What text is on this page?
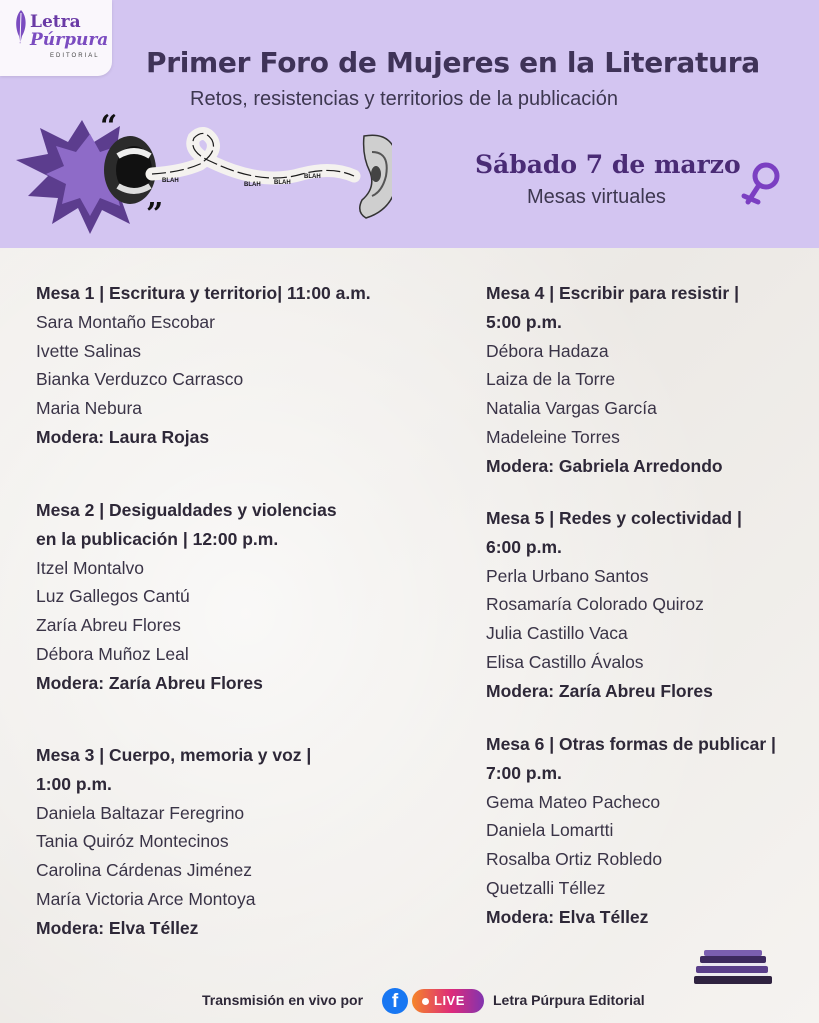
Letra
Púrpura
EDITORIAL Primer Foro de Mujeres en la Literatura
Retos, resistencias y territorios de la publicación
“
”
BLAH
BLAH BLAH
BLAH	Sábado 7 de marzo
Mesas virtuales
Mesa 1 | Escritura y territorio| 11:00 a.m.
Sara Montaño Escobar
Ivette Salinas
Bianka Verduzco Carrasco
Maria Nebura
Modera: Laura Rojas
Mesa 2 | Desigualdades y violencias
en la publicación | 12:00 p.m.
Itzel Montalvo
Luz Gallegos Cantú
Zaría Abreu Flores
Débora Muñoz Leal
Modera: Zaría Abreu Flores
Mesa 3 | Cuerpo, memoria y voz |
1:00 p.m.
Daniela Baltazar Feregrino
Tania Quiróz Montecinos
Carolina Cárdenas Jiménez
María Victoria Arce Montoya
Modera: Elva Téllez
Mesa 4 | Escribir para resistir |
5:00 p.m.
Débora Hadaza
Laiza de la Torre
Natalia Vargas García
Madeleine Torres
Modera: Gabriela Arredondo
Mesa 5 | Redes y colectividad |
6:00 p.m.
Perla Urbano Santos
Rosamaría Colorado Quiroz
Julia Castillo Vaca
Elisa Castillo Ávalos
Modera: Zaría Abreu Flores
Mesa 6 | Otras formas de publicar |
7:00 p.m.
Gema Mateo Pacheco
Daniela Lomartti
Rosalba Ortiz Robledo
Quetzalli Téllez
Modera: Elva Téllez
Transmisión en vivo por	f	LIVE Letra Púrpura Editorial
